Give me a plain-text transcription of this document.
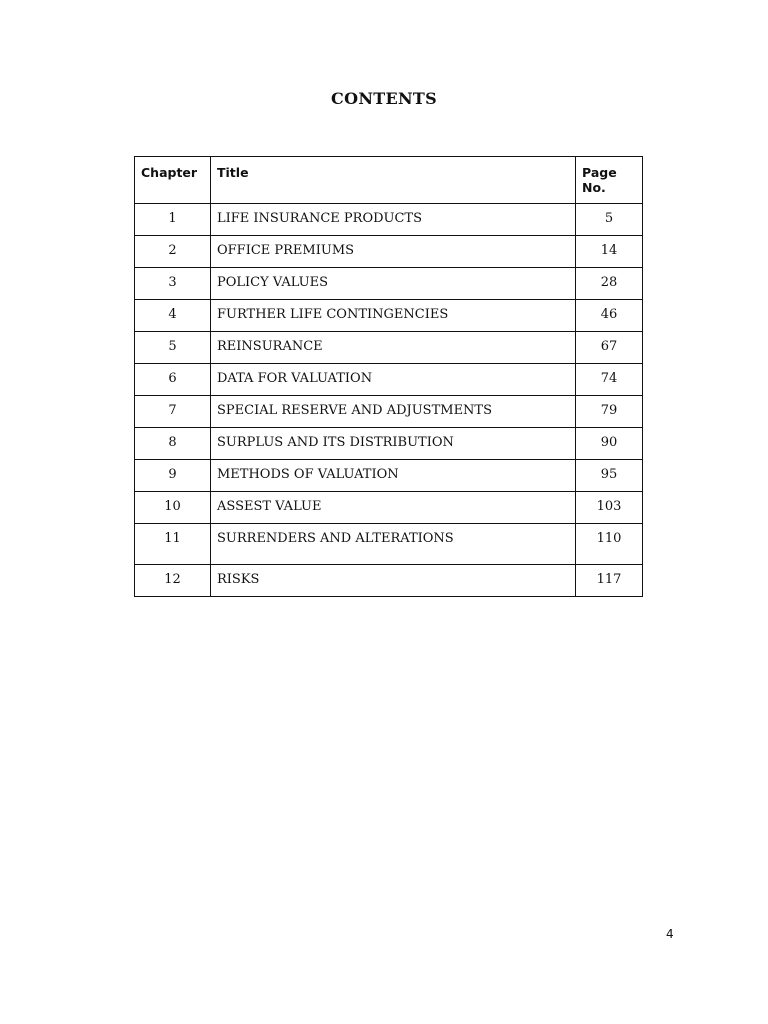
CONTENTS
Chapter	Title	Page No.
1	LIFE INSURANCE PRODUCTS	5
2	OFFICE PREMIUMS	14
3	POLICY VALUES	28
4	FURTHER LIFE CONTINGENCIES	46
5	REINSURANCE	67
6	DATA FOR VALUATION	74
7	SPECIAL RESERVE AND ADJUSTMENTS	79
8	SURPLUS AND ITS DISTRIBUTION	90
9	METHODS OF VALUATION	95
10	ASSEST VALUE	103
11	SURRENDERS AND ALTERATIONS	110
12	RISKS	117
4
